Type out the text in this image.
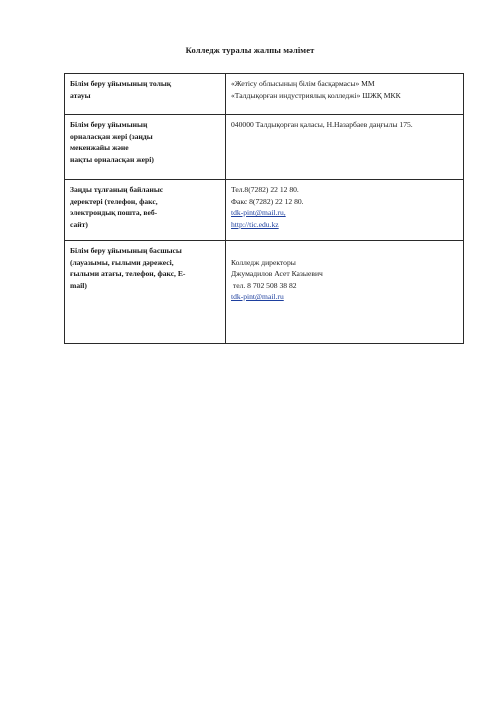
Колледж туралы жалпы мәлімет
Білім беру ұйымының толық
атауы	«Жетісу облысының білім басқармасы» ММ
«Талдықорған индустриялық колледжі» ШЖҚ МКК

Білім беру ұйымының
орналасқан жері (заңды
мекенжайы және
нақты орналасқан жері)	040000 Талдықорған қаласы, Н.Назарбаев даңғылы 175.

Заңды тұлғаның байланыс
деректері (телефон, факс,
электрондық пошта, веб-
сайт)	Тел.8(7282) 22 12 80.
Факс 8(7282) 22 12 80.
tdk-pint@mail.ru,
http://tic.edu.kz

Білім беру ұйымының басшысы
(лауазымы, ғылыми дәрежесі,
ғылыми атағы, телефон, факс, E-
mail)	Колледж директоры
Джумадилов Асет Казыевич
тел. 8 702 508 38 82
tdk-pint@mail.ru
